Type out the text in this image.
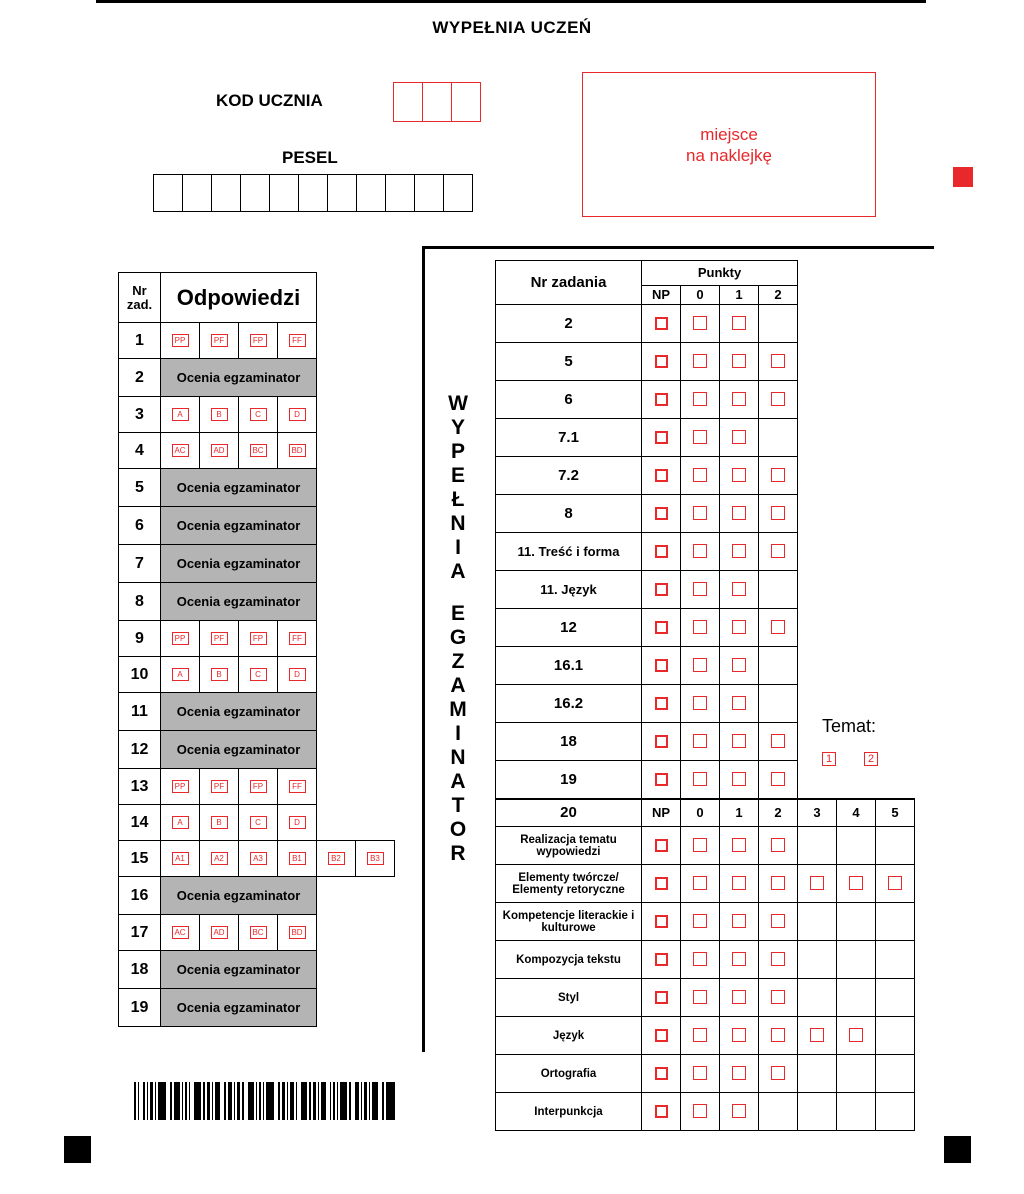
WYPEŁNIA UCZEŃ
KOD UCZNIA
PESEL
miejsce
na naklejkę
Nr zad.	Odpowiedzi					
1	PP	PF	FP	FF		
2	Ocenia egzaminator					
3	A	B	C	D		
4	AC	AD	BC	BD		
5	Ocenia egzaminator					
6	Ocenia egzaminator					
7	Ocenia egzaminator					
8	Ocenia egzaminator					
9	PP	PF	FP	FF		
10	A	B	C	D		
11	Ocenia egzaminator					
12	Ocenia egzaminator					
13	PP	PF	FP	FF		
14	A	B	C	D		
15	A1	A2	A3	B1	B2	B3
16	Ocenia egzaminator					
17	AC	AD	BC	BD		
18	Ocenia egzaminator					
19	Ocenia egzaminator					
W
Y
P
E
Ł
N
I
A
E
G
Z
A
M
I
N
A
T
O
R
Nr zadania	Punkty						
	NP	0	1	2			
2							
5							
6							
7.1							
7.2							
8							
11. Treść i forma							
11. Język							
12							
16.1							
16.2							
18							
19							
20	NP	0	1	2	3	4	5
Realizacja tematu wypowiedzi							
Elementy twórcze/ Elementy retoryczne							
Kompetencje literackie i kulturowe							
Kompozycja tekstu							
Styl							
Język							
Ortografia							
Interpunkcja							
Temat:
1	2
